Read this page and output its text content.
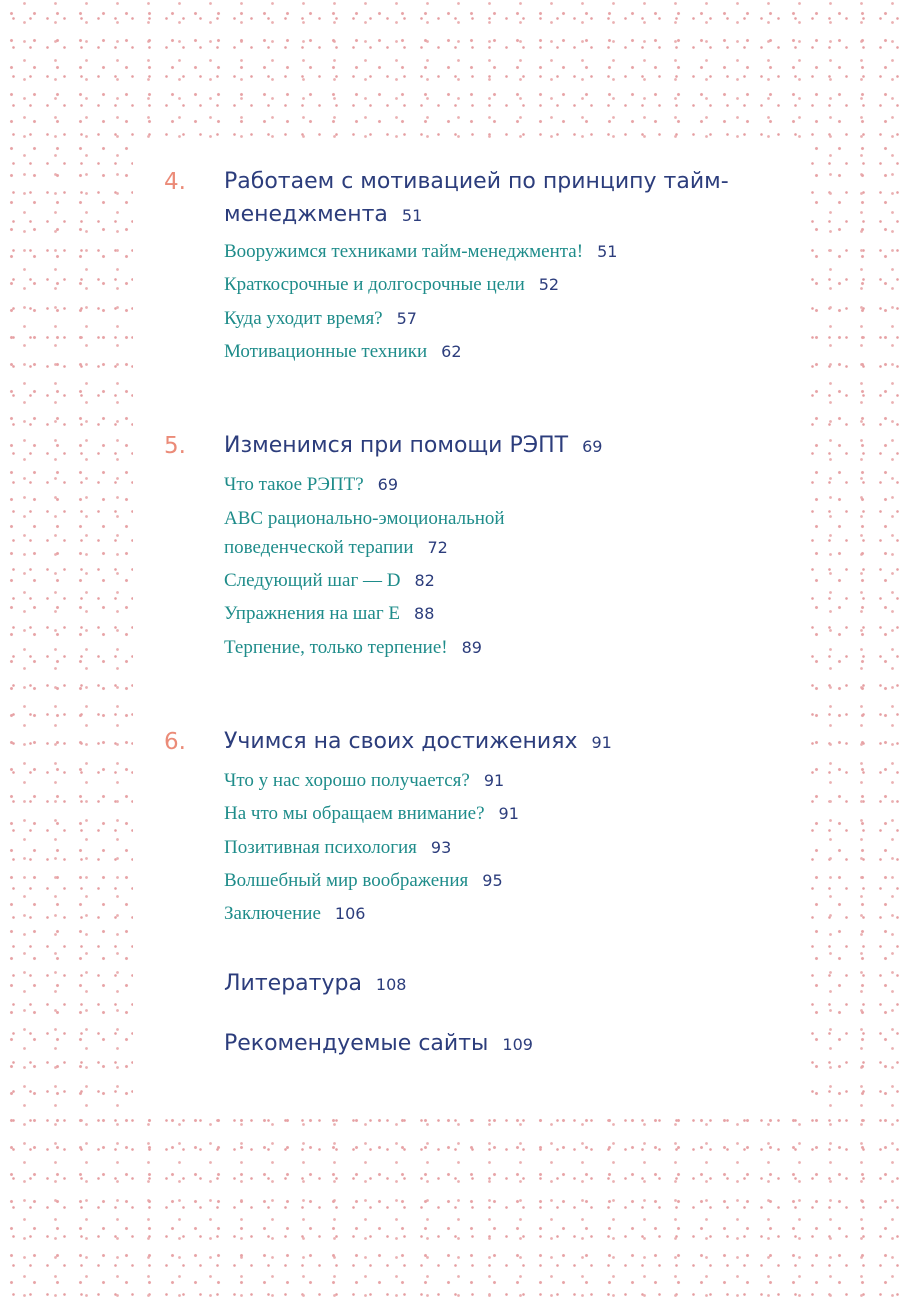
4. Работаем с мотивацией по принципу тайм-менеджмента 51
Вооружимся техниками тайм-менеджмента! 51
Краткосрочные и долгосрочные цели 52
Куда уходит время? 57
Мотивационные техники 62
5. Изменимся при помощи РЭПТ 69
Что такое РЭПТ? 69
ABC рационально-эмоциональной поведенческой терапии 72
Следующий шаг — D 82
Упражнения на шаг E 88
Терпение, только терпение! 89
6. Учимся на своих достижениях 91
Что у нас хорошо получается? 91
На что мы обращаем внимание? 91
Позитивная психология 93
Волшебный мир воображения 95
Заключение 106
Литература 108
Рекомендуемые сайты 109
